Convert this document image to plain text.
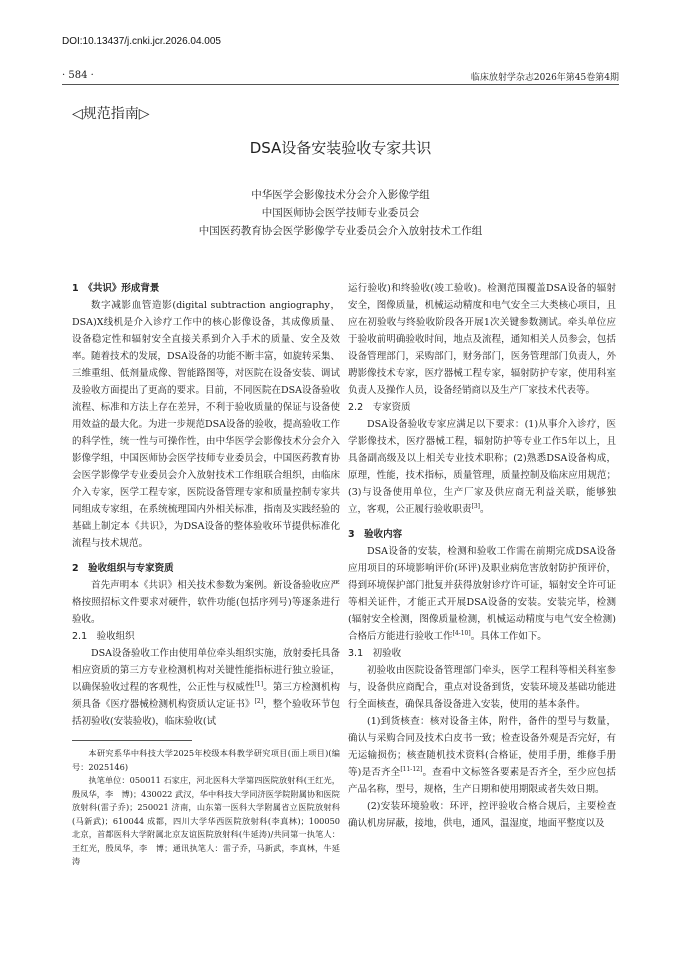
DOI:10.13437/j.cnki.jcr.2026.04.005
· 584 ·	临床放射学杂志2026年第45卷第4期
◁规范指南▷
DSA设备安装验收专家共识
中华医学会影像技术分会介入影像学组
中国医师协会医学技师专业委员会
中国医药教育协会医学影像学专业委员会介入放射技术工作组

1　《共识》形成背景

数字减影血管造影(digital subtraction angiography，DSA)X线机是介入诊疗工作中的核心影像设备，其成像质量、设备稳定性和辐射安全直接关系到介入手术的质量、安全及效率。随着技术的发展，DSA设备的功能不断丰富，如旋转采集、三维重组、低剂量成像、智能路图等，对医院在设备安装、调试及验收方面提出了更高的要求。目前，不同医院在DSA设备验收流程、标准和方法上存在差异，不利于验收质量的保证与设备使用效益的最大化。为进一步规范DSA设备的验收，提高验收工作的科学性，统一性与可操作性，由中华医学会影像技术分会介入影像学组，中国医师协会医学技师专业委员会，中国医药教育协会医学影像学专业委员会介入放射技术工作组联合组织，由临床介入专家，医学工程专家，医院设备管理专家和质量控制专家共同组成专家组，在系统梳理国内外相关标准，指南及实践经验的基础上制定本《共识》，为DSA设备的整体验收环节提供标准化流程与技术规范。

2　验收组织与专家资质

首先声明本《共识》相关技术参数为案例。新设备验收应严格按照招标文件要求对硬件，软件功能(包括序列号)等逐条进行验收。

2.1　验收组织

DSA设备验收工作由使用单位牵头组织实施，放射委托具备相应资质的第三方专业检测机构对关键性能指标进行独立验证，以确保验收过程的客观性，公正性与权威性[1]。第三方检测机构须具备《医疗器械检测机构资质认定证书》[2]，整个验收环节包括初验收(安装验收)，临床验收(试

本研究系华中科技大学2025年校级本科教学研究项目(面上项目)(编号：2025146)

执笔单位：050011 石家庄，河北医科大学第四医院放射科(王红光，殷凤华，李　博)；430022 武汉，华中科技大学同济医学院附属协和医院放射科(雷子乔)；250021 济南，山东第一医科大学附属省立医院放射科(马新武)；610044 成都，四川大学华西医院放射科(李真林)；100050 北京，首都医科大学附属北京友谊医院放射科(牛延涛)/共同第一执笔人：王红光，殷凤华，李　博；通讯执笔人：雷子乔，马新武，李真林，牛延涛

运行验收)和终验收(竣工验收)。检测范围覆盖DSA设备的辐射安全，图像质量，机械运动精度和电气安全三大类核心项目，且应在初验收与终验收阶段各开展1次关键参数测试。牵头单位应于验收前明确验收时间，地点及流程，通知相关人员参会，包括设备管理部门，采购部门，财务部门，医务管理部门负责人，外聘影像技术专家，医疗器械工程专家，辐射防护专家，使用科室负责人及操作人员，设备经销商以及生产厂家技术代表等。

2.2　专家资质

DSA设备验收专家应满足以下要求：(1)从事介入诊疗，医学影像技术，医疗器械工程，辐射防护等专业工作5年以上，且具备副高级及以上相关专业技术职称；(2)熟悉DSA设备构成，原理，性能，技术指标，质量管理，质量控制及临床应用规范；(3)与设备使用单位，生产厂家及供应商无利益关联，能够独立，客观，公正履行验收职责[3]。

3　验收内容

DSA设备的安装，检测和验收工作需在前期完成DSA设备应用项目的环境影响评价(环评)及职业病危害放射防护预评价，得到环境保护部门批复并获得放射诊疗许可证，辐射安全许可证等相关证件，才能正式开展DSA设备的安装。安装完毕，检测(辐射安全检测，图像质量检测，机械运动精度与电气安全检测)合格后方能进行验收工作[4-10]。具体工作如下。

3.1　初验收

初验收由医院设备管理部门牵头，医学工程科等相关科室参与，设备供应商配合，重点对设备到货，安装环境及基础功能进行全面核查，确保具备设备进入安装，使用的基本条件。

(1)到货核查：核对设备主体，附件，备件的型号与数量，确认与采购合同及技术白皮书一致；检查设备外观是否完好，有无运输损伤；核查随机技术资料(合格证，使用手册，维修手册等)是否齐全[11-12]。查看中文标签各要素是否齐全，至少应包括产品名称，型号，规格，生产日期和使用期限或者失效日期。

(2)安装环境验收：环评，控评验收合格合规后，主要检查确认机房屏蔽，接地，供电，通风，温湿度，地面平整度以及
